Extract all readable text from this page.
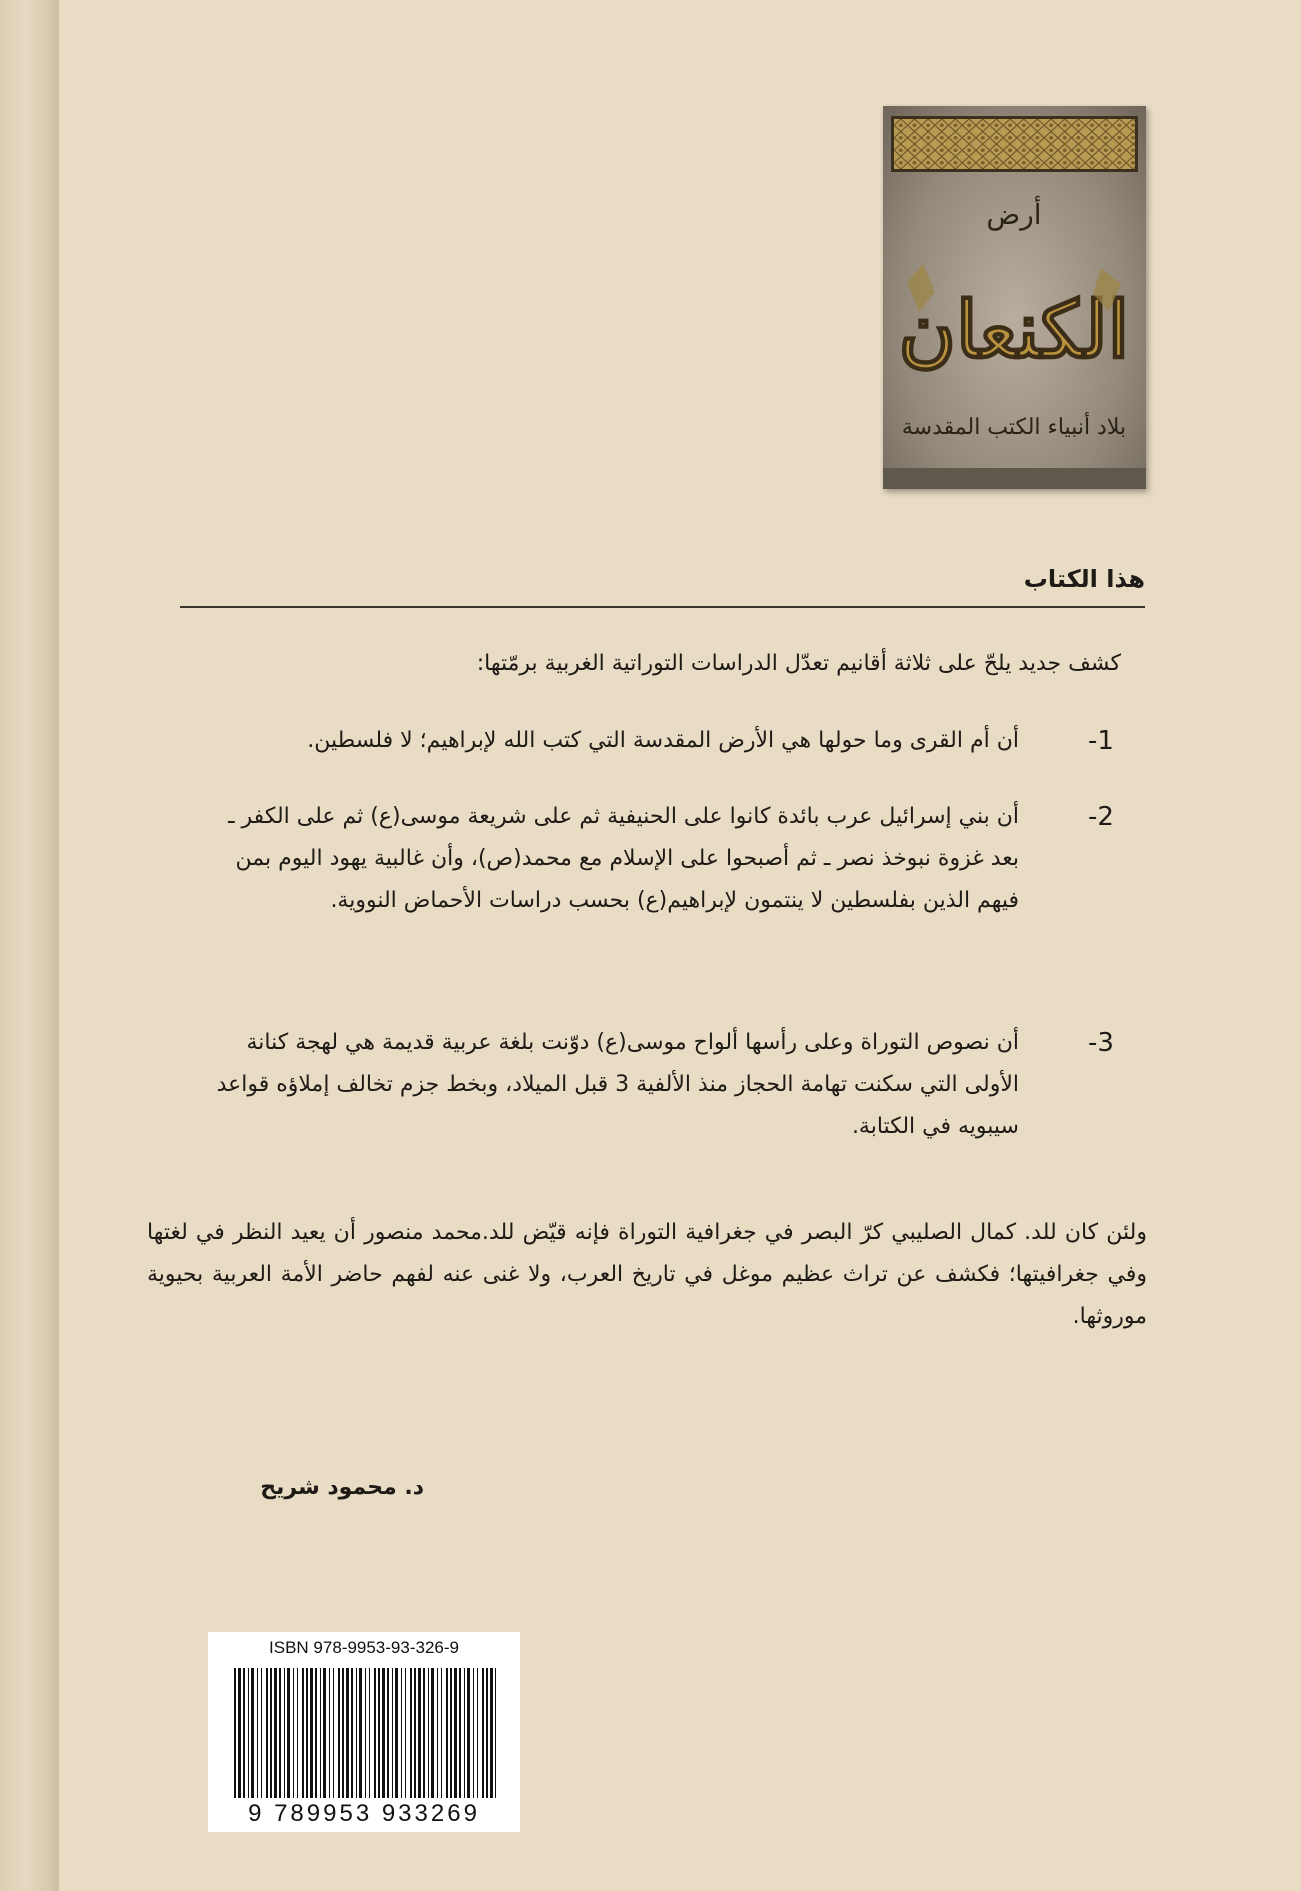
أرض
الكنعان
بلاد أنبياء الكتب المقدسة
هذا الكتاب
كشف جديد يلحّ على ثلاثة أقانيم تعدّل الدراسات التوراتية الغربية برمّتها:
-1
أن أم القرى وما حولها هي الأرض المقدسة التي كتب الله لإبراهيم؛ لا فلسطين.
-2
أن بني إسرائيل عرب بائدة كانوا على الحنيفية ثم على شريعة موسى(ع) ثم على الكفر ـ بعد غزوة نبوخذ نصر ـ ثم أصبحوا على الإسلام مع محمد(ص)، وأن غالبية يهود اليوم بمن فيهم الذين بفلسطين لا ينتمون لإبراهيم(ع) بحسب دراسات الأحماض النووية.
-3
أن نصوص التوراة وعلى رأسها ألواح موسى(ع) دوّنت بلغة عربية قديمة هي لهجة كنانة الأولى التي سكنت تهامة الحجاز منذ الألفية 3 قبل الميلاد، وبخط جزم تخالف إملاؤه قواعد سيبويه في الكتابة.
ولئن كان للد. كمال الصليبي كرّ البصر في جغرافية التوراة فإنه قيّض للد.محمد منصور أن يعيد النظر في لغتها وفي جغرافيتها؛ فكشف عن تراث عظيم موغل في تاريخ العرب، ولا غنى عنه لفهم حاضر الأمة العربية بحيوية موروثها.
د. محمود شريح
ISBN 978-9953-93-326-9
9 789953 933269
